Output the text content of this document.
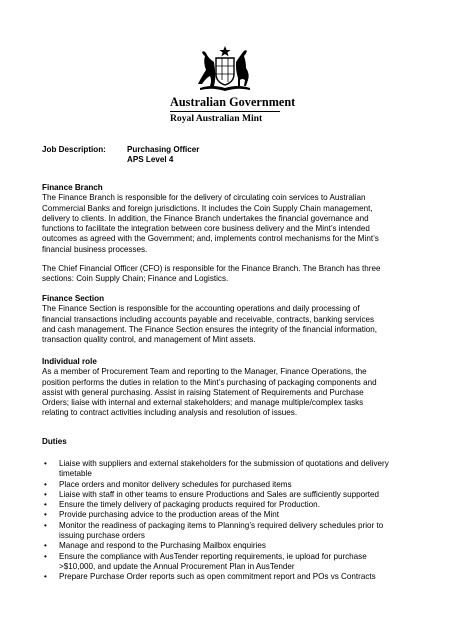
Australian Government
Royal Australian Mint
Job Description:	Purchasing Officer
APS Level 4
Finance Branch
The Finance Branch is responsible for the delivery of circulating coin services to Australian
Commercial Banks and foreign jurisdictions. It includes the Coin Supply Chain management,
delivery to clients. In addition, the Finance Branch undertakes the financial governance and
functions to facilitate the integration between core business delivery and the Mint’s intended
outcomes as agreed with the Government; and, implements control mechanisms for the Mint’s
financial business processes.
The Chief Financial Officer (CFO) is responsible for the Finance Branch. The Branch has three
sections: Coin Supply Chain; Finance and Logistics.
Finance Section
The Finance Section is responsible for the accounting operations and daily processing of
financial transactions including accounts payable and receivable, contracts, banking services
and cash management. The Finance Section ensures the integrity of the financial information,
transaction quality control, and management of Mint assets.
Individual role
As a member of Procurement Team and reporting to the Manager, Finance Operations, the
position performs the duties in relation to the Mint’s purchasing of packaging components and
assist with general purchasing. Assist in raising Statement of Requirements and Purchase
Orders; liaise with internal and external stakeholders; and manage multiple/complex tasks
relating to contract activities including analysis and resolution of issues.
Duties
• Liaise with suppliers and external stakeholders for the submission of quotations and delivery
timetable
• Place orders and monitor delivery schedules for purchased items
• Liaise with staff in other teams to ensure Productions and Sales are sufficiently supported
• Ensure the timely delivery of packaging products required for Production.
• Provide purchasing advice to the production areas of the Mint
• Monitor the readiness of packaging items to Planning’s required delivery schedules prior to
issuing purchase orders
• Manage and respond to the Purchasing Mailbox enquiries
• Ensure the compliance with AusTender reporting requirements, ie upload for purchase
>$10,000, and update the Annual Procurement Plan in AusTender
• Prepare Purchase Order reports such as open commitment report and POs vs Contracts
